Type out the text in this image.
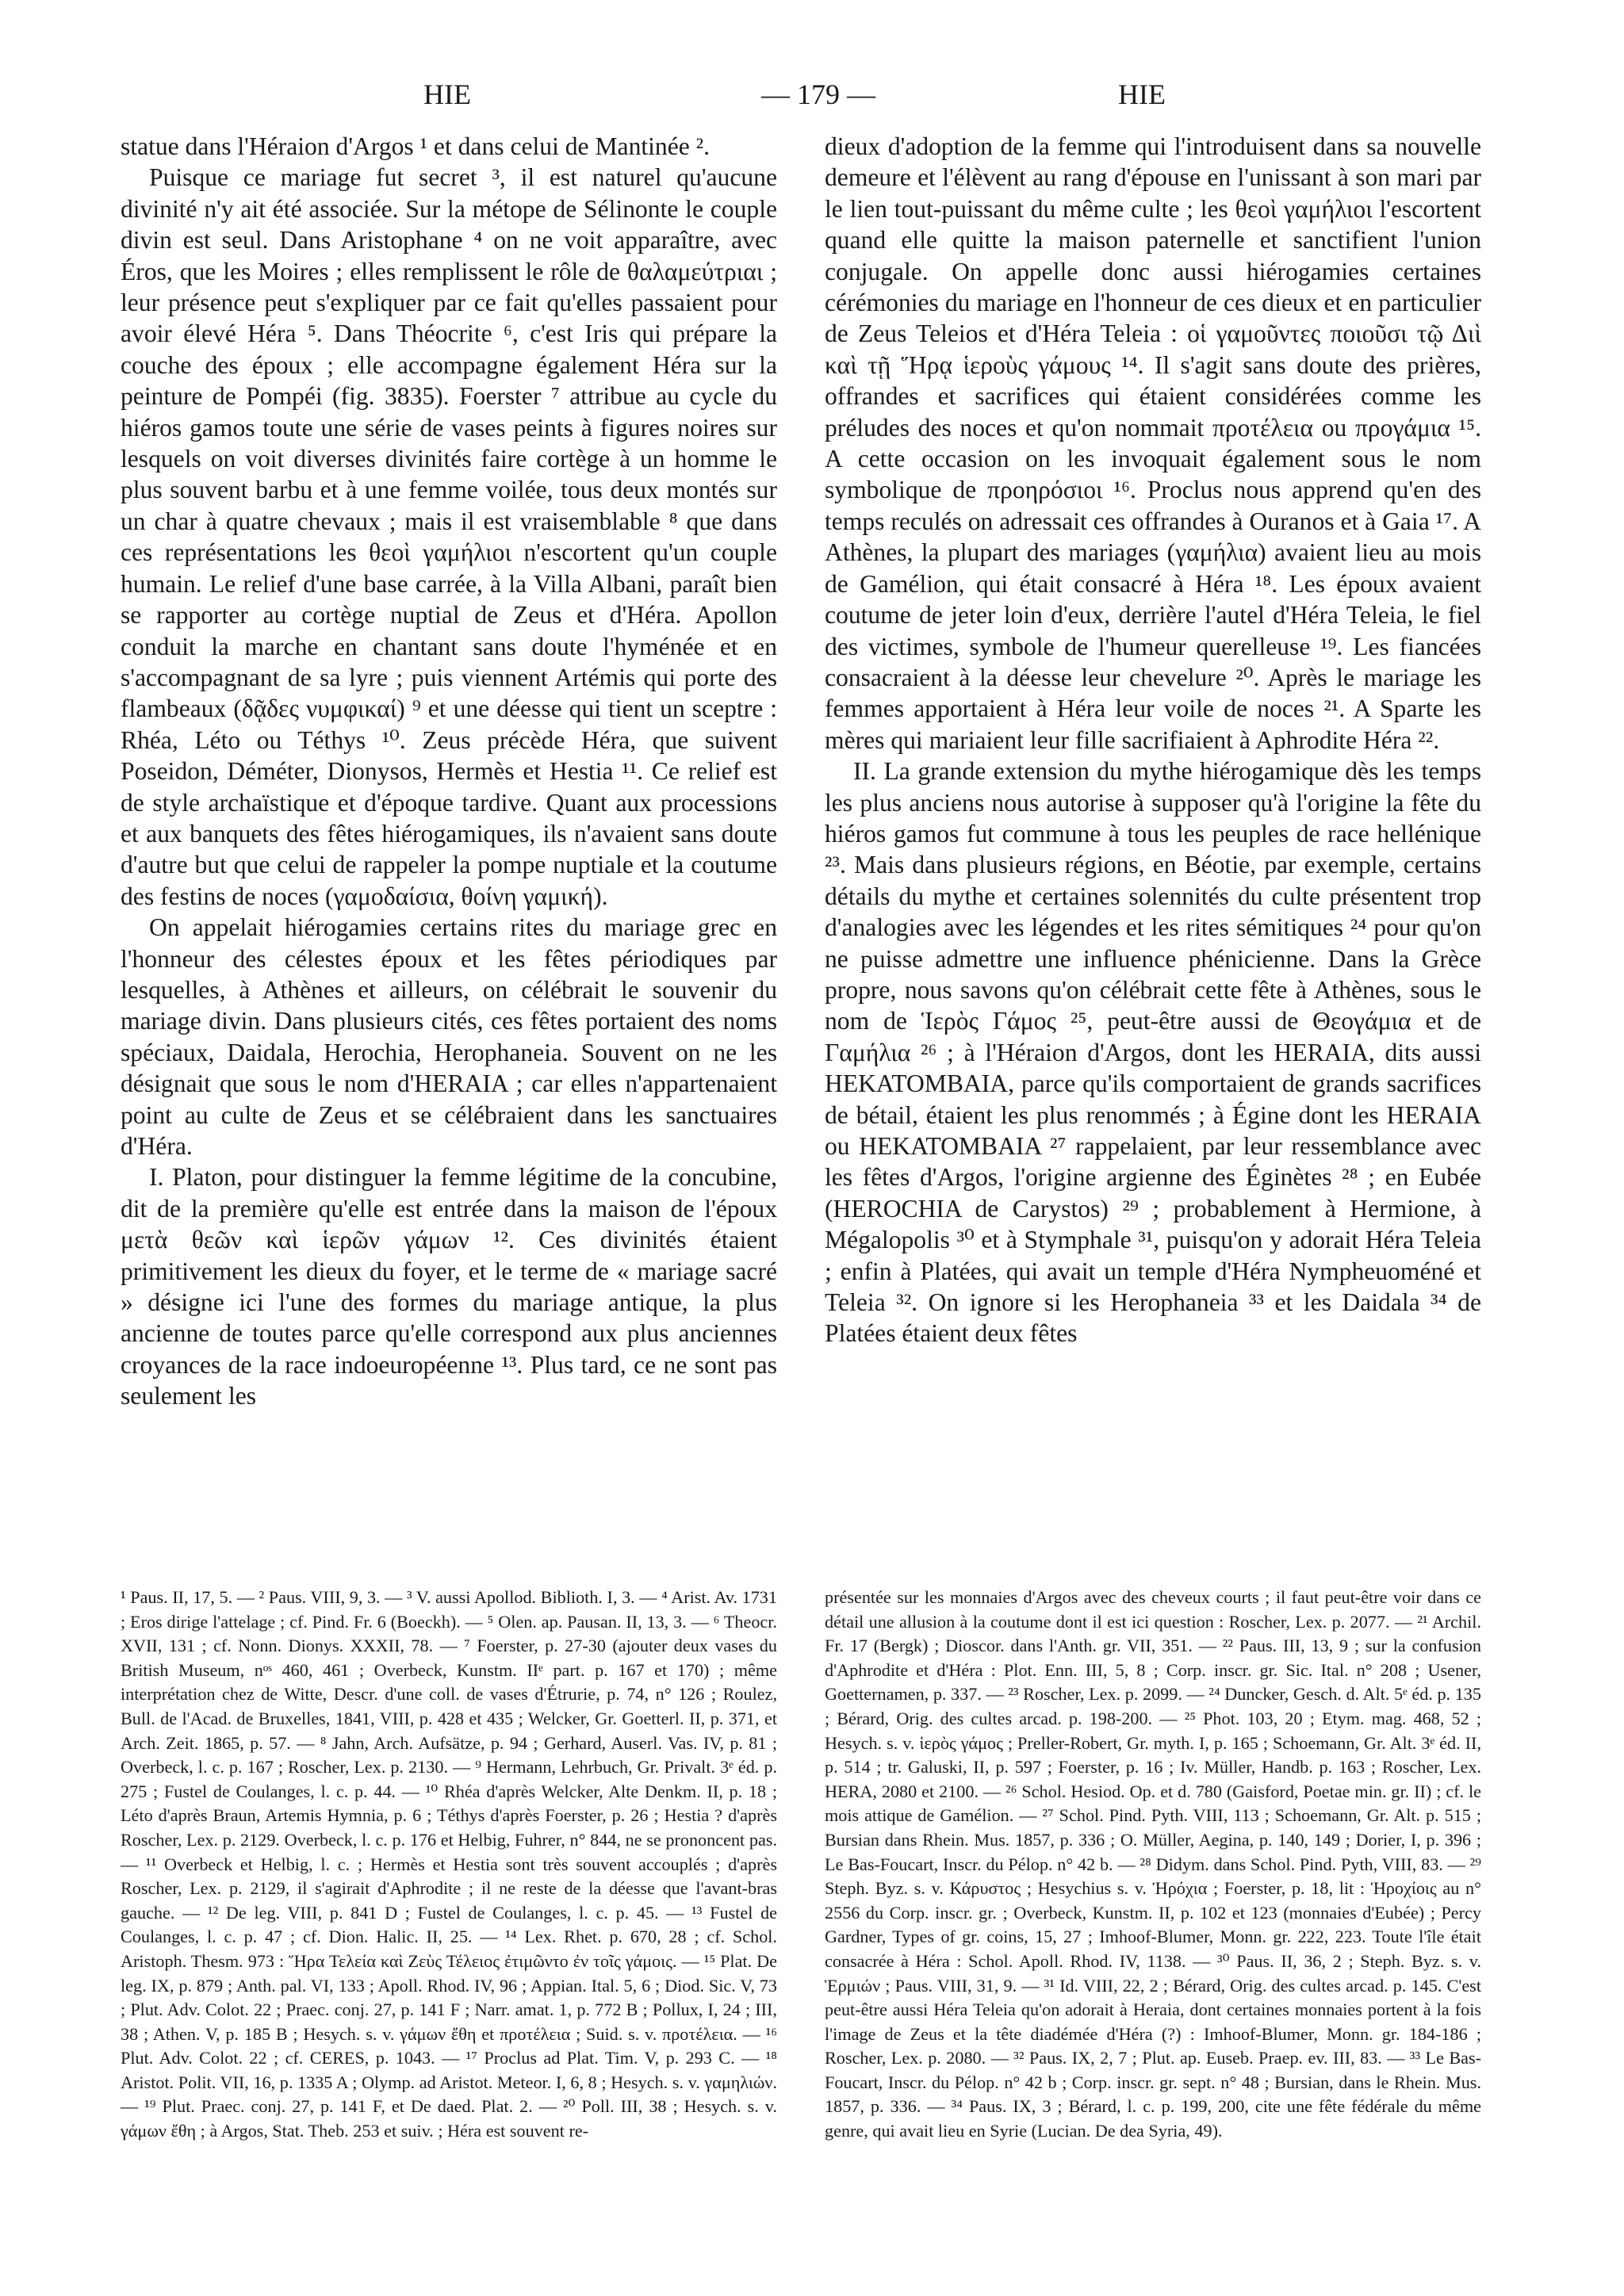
HIE	— 179 —	HIE

statue dans l'Héraion d'Argos ¹ et dans celui de Mantinée ².

Puisque ce mariage fut secret ³, il est naturel qu'aucune divinité n'y ait été associée. Sur la métope de Sélinonte le couple divin est seul. Dans Aristophane ⁴ on ne voit apparaître, avec Éros, que les Moires ; elles remplissent le rôle de θαλαμεύτριαι ; leur présence peut s'expliquer par ce fait qu'elles passaient pour avoir élevé Héra ⁵. Dans Théocrite ⁶, c'est Iris qui prépare la couche des époux ; elle accompagne également Héra sur la peinture de Pompéi (fig. 3835). Foerster ⁷ attribue au cycle du hiéros gamos toute une série de vases peints à figures noires sur lesquels on voit diverses divinités faire cortège à un homme le plus souvent barbu et à une femme voilée, tous deux montés sur un char à quatre chevaux ; mais il est vraisemblable ⁸ que dans ces représentations les θεοὶ γαμήλιοι n'escortent qu'un couple humain. Le relief d'une base carrée, à la Villa Albani, paraît bien se rapporter au cortège nuptial de Zeus et d'Héra. Apollon conduit la marche en chantant sans doute l'hyménée et en s'accompagnant de sa lyre ; puis viennent Artémis qui porte des flambeaux (δᾷδες νυμφικαί) ⁹ et une déesse qui tient un sceptre : Rhéa, Léto ou Téthys ¹⁰. Zeus précède Héra, que suivent Poseidon, Déméter, Dionysos, Hermès et Hestia ¹¹. Ce relief est de style archaïstique et d'époque tardive. Quant aux processions et aux banquets des fêtes hiérogamiques, ils n'avaient sans doute d'autre but que celui de rappeler la pompe nuptiale et la coutume des festins de noces (γαμοδαίσια, θοίνη γαμική).

On appelait hiérogamies certains rites du mariage grec en l'honneur des célestes époux et les fêtes périodiques par lesquelles, à Athènes et ailleurs, on célébrait le souvenir du mariage divin. Dans plusieurs cités, ces fêtes portaient des noms spéciaux, Daidala, Herochia, Herophaneia. Souvent on ne les désignait que sous le nom d'HERAIA ; car elles n'appartenaient point au culte de Zeus et se célébraient dans les sanctuaires d'Héra.

I. Platon, pour distinguer la femme légitime de la concubine, dit de la première qu'elle est entrée dans la maison de l'époux μετὰ θεῶν καὶ ἱερῶν γάμων ¹². Ces divinités étaient primitivement les dieux du foyer, et le terme de « mariage sacré » désigne ici l'une des formes du mariage antique, la plus ancienne de toutes parce qu'elle correspond aux plus anciennes croyances de la race indoeuropéenne ¹³. Plus tard, ce ne sont pas seulement les

dieux d'adoption de la femme qui l'introduisent dans sa nouvelle demeure et l'élèvent au rang d'épouse en l'unissant à son mari par le lien tout-puissant du même culte ; les θεοὶ γαμήλιοι l'escortent quand elle quitte la maison paternelle et sanctifient l'union conjugale. On appelle donc aussi hiérogamies certaines cérémonies du mariage en l'honneur de ces dieux et en particulier de Zeus Teleios et d'Héra Teleia : οἱ γαμοῦντες ποιοῦσι τῷ Διὶ καὶ τῇ Ἥρᾳ ἱεροὺς γάμους ¹⁴. Il s'agit sans doute des prières, offrandes et sacrifices qui étaient considérées comme les préludes des noces et qu'on nommait προτέλεια ou προγάμια ¹⁵. A cette occasion on les invoquait également sous le nom symbolique de προηρόσιοι ¹⁶. Proclus nous apprend qu'en des temps reculés on adressait ces offrandes à Ouranos et à Gaia ¹⁷. A Athènes, la plupart des mariages (γαμήλια) avaient lieu au mois de Gamélion, qui était consacré à Héra ¹⁸. Les époux avaient coutume de jeter loin d'eux, derrière l'autel d'Héra Teleia, le fiel des victimes, symbole de l'humeur querelleuse ¹⁹. Les fiancées consacraient à la déesse leur chevelure ²⁰. Après le mariage les femmes apportaient à Héra leur voile de noces ²¹. A Sparte les mères qui mariaient leur fille sacrifiaient à Aphrodite Héra ²².

II. La grande extension du mythe hiérogamique dès les temps les plus anciens nous autorise à supposer qu'à l'origine la fête du hiéros gamos fut commune à tous les peuples de race hellénique ²³. Mais dans plusieurs régions, en Béotie, par exemple, certains détails du mythe et certaines solennités du culte présentent trop d'analogies avec les légendes et les rites sémitiques ²⁴ pour qu'on ne puisse admettre une influence phénicienne. Dans la Grèce propre, nous savons qu'on célébrait cette fête à Athènes, sous le nom de Ἱερὸς Γάμος ²⁵, peut-être aussi de Θεογάμια et de Γαμήλια ²⁶ ; à l'Héraion d'Argos, dont les HERAIA, dits aussi HEKATOMBAIA, parce qu'ils comportaient de grands sacrifices de bétail, étaient les plus renommés ; à Égine dont les HERAIA ou HEKATOMBAIA ²⁷ rappelaient, par leur ressemblance avec les fêtes d'Argos, l'origine argienne des Éginètes ²⁸ ; en Eubée (HEROCHIA de Carystos) ²⁹ ; probablement à Hermione, à Mégalopolis ³⁰ et à Stymphale ³¹, puisqu'on y adorait Héra Teleia ; enfin à Platées, qui avait un temple d'Héra Nympheuoméné et Teleia ³². On ignore si les Herophaneia ³³ et les Daidala ³⁴ de Platées étaient deux fêtes

¹ Paus. II, 17, 5. — ² Paus. VIII, 9, 3. — ³ V. aussi Apollod. Biblioth. I, 3. — ⁴ Arist. Av. 1731 ; Eros dirige l'attelage ; cf. Pind. Fr. 6 (Boeckh). — ⁵ Olen. ap. Pausan. II, 13, 3. — ⁶ Theocr. XVII, 131 ; cf. Nonn. Dionys. XXXII, 78. — ⁷ Foerster, p. 27-30 (ajouter deux vases du British Museum, nᵒˢ 460, 461 ; Overbeck, Kunstm. IIᵉ part. p. 167 et 170) ; même interprétation chez de Witte, Descr. d'une coll. de vases d'Étrurie, p. 74, n° 126 ; Roulez, Bull. de l'Acad. de Bruxelles, 1841, VIII, p. 428 et 435 ; Welcker, Gr. Goetterl. II, p. 371, et Arch. Zeit. 1865, p. 57. — ⁸ Jahn, Arch. Aufsätze, p. 94 ; Gerhard, Auserl. Vas. IV, p. 81 ; Overbeck, l. c. p. 167 ; Roscher, Lex. p. 2130. — ⁹ Hermann, Lehrbuch, Gr. Privalt. 3ᵉ éd. p. 275 ; Fustel de Coulanges, l. c. p. 44. — ¹⁰ Rhéa d'après Welcker, Alte Denkm. II, p. 18 ; Léto d'après Braun, Artemis Hymnia, p. 6 ; Téthys d'après Foerster, p. 26 ; Hestia ? d'après Roscher, Lex. p. 2129. Overbeck, l. c. p. 176 et Helbig, Fuhrer, n° 844, ne se prononcent pas. — ¹¹ Overbeck et Helbig, l. c. ; Hermès et Hestia sont très souvent accouplés ; d'après Roscher, Lex. p. 2129, il s'agirait d'Aphrodite ; il ne reste de la déesse que l'avant-bras gauche. — ¹² De leg. VIII, p. 841 D ; Fustel de Coulanges, l. c. p. 45. — ¹³ Fustel de Coulanges, l. c. p. 47 ; cf. Dion. Halic. II, 25. — ¹⁴ Lex. Rhet. p. 670, 28 ; cf. Schol. Aristoph. Thesm. 973 : Ἥρα Τελεία καὶ Ζεὺς Τέλειος ἐτιμῶντο ἐν τοῖς γάμοις. — ¹⁵ Plat. De leg. IX, p. 879 ; Anth. pal. VI, 133 ; Apoll. Rhod. IV, 96 ; Appian. Ital. 5, 6 ; Diod. Sic. V, 73 ; Plut. Adv. Colot. 22 ; Praec. conj. 27, p. 141 F ; Narr. amat. 1, p. 772 B ; Pollux, I, 24 ; III, 38 ; Athen. V, p. 185 B ; Hesych. s. v. γάμων ἔθη et προτέλεια ; Suid. s. v. προτέλεια. — ¹⁶ Plut. Adv. Colot. 22 ; cf. CERES, p. 1043. — ¹⁷ Proclus ad Plat. Tim. V, p. 293 C. — ¹⁸ Aristot. Polit. VII, 16, p. 1335 A ; Olymp. ad Aristot. Meteor. I, 6, 8 ; Hesych. s. v. γαμηλιών. — ¹⁹ Plut. Praec. conj. 27, p. 141 F, et De daed. Plat. 2. — ²⁰ Poll. III, 38 ; Hesych. s. v. γάμων ἔθη ; à Argos, Stat. Theb. 253 et suiv. ; Héra est souvent re-

présentée sur les monnaies d'Argos avec des cheveux courts ; il faut peut-être voir dans ce détail une allusion à la coutume dont il est ici question : Roscher, Lex. p. 2077. — ²¹ Archil. Fr. 17 (Bergk) ; Dioscor. dans l'Anth. gr. VII, 351. — ²² Paus. III, 13, 9 ; sur la confusion d'Aphrodite et d'Héra : Plot. Enn. III, 5, 8 ; Corp. inscr. gr. Sic. Ital. n° 208 ; Usener, Goetternamen, p. 337. — ²³ Roscher, Lex. p. 2099. — ²⁴ Duncker, Gesch. d. Alt. 5ᵉ éd. p. 135 ; Bérard, Orig. des cultes arcad. p. 198-200. — ²⁵ Phot. 103, 20 ; Etym. mag. 468, 52 ; Hesych. s. v. ἱερὸς γάμος ; Preller-Robert, Gr. myth. I, p. 165 ; Schoemann, Gr. Alt. 3ᵉ éd. II, p. 514 ; tr. Galuski, II, p. 597 ; Foerster, p. 16 ; Iv. Müller, Handb. p. 163 ; Roscher, Lex. HERA, 2080 et 2100. — ²⁶ Schol. Hesiod. Op. et d. 780 (Gaisford, Poetae min. gr. II) ; cf. le mois attique de Gamélion. — ²⁷ Schol. Pind. Pyth. VIII, 113 ; Schoemann, Gr. Alt. p. 515 ; Bursian dans Rhein. Mus. 1857, p. 336 ; O. Müller, Aegina, p. 140, 149 ; Dorier, I, p. 396 ; Le Bas-Foucart, Inscr. du Pélop. n° 42 b. — ²⁸ Didym. dans Schol. Pind. Pyth, VIII, 83. — ²⁹ Steph. Byz. s. v. Κάρυστος ; Hesychius s. v. Ἡρόχια ; Foerster, p. 18, lit : Ἡροχίοις au n° 2556 du Corp. inscr. gr. ; Overbeck, Kunstm. II, p. 102 et 123 (monnaies d'Eubée) ; Percy Gardner, Types of gr. coins, 15, 27 ; Imhoof-Blumer, Monn. gr. 222, 223. Toute l'île était consacrée à Héra : Schol. Apoll. Rhod. IV, 1138. — ³⁰ Paus. II, 36, 2 ; Steph. Byz. s. v. Ἑρμιών ; Paus. VIII, 31, 9. — ³¹ Id. VIII, 22, 2 ; Bérard, Orig. des cultes arcad. p. 145. C'est peut-être aussi Héra Teleia qu'on adorait à Heraia, dont certaines monnaies portent à la fois l'image de Zeus et la tête diadémée d'Héra (?) : Imhoof-Blumer, Monn. gr. 184-186 ; Roscher, Lex. p. 2080. — ³² Paus. IX, 2, 7 ; Plut. ap. Euseb. Praep. ev. III, 83. — ³³ Le Bas-Foucart, Inscr. du Pélop. n° 42 b ; Corp. inscr. gr. sept. n° 48 ; Bursian, dans le Rhein. Mus. 1857, p. 336. — ³⁴ Paus. IX, 3 ; Bérard, l. c. p. 199, 200, cite une fête fédérale du même genre, qui avait lieu en Syrie (Lucian. De dea Syria, 49).
